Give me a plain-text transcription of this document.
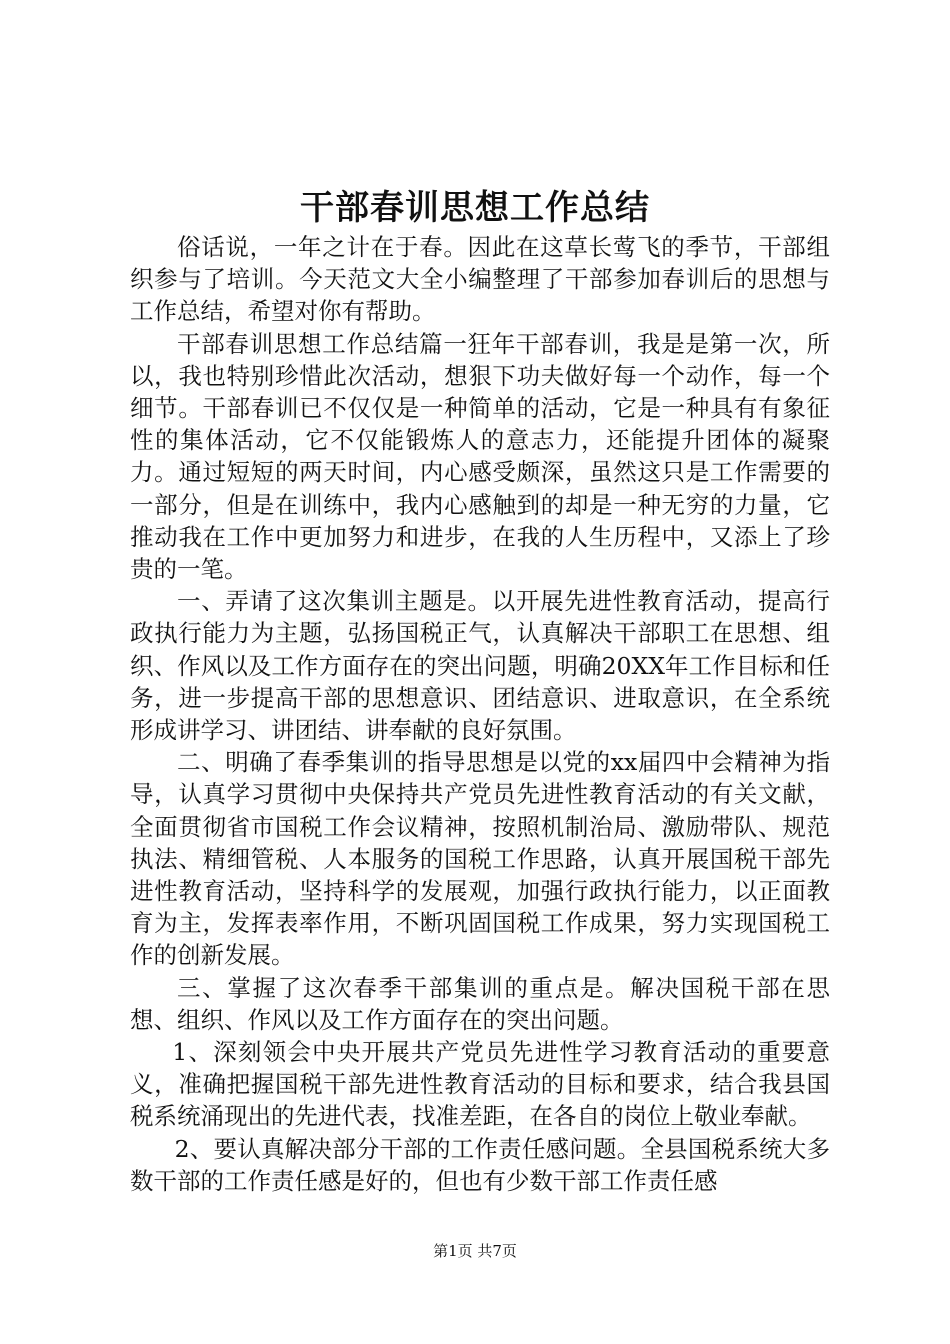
干部春训思想工作总结

俗话说，一年之计在于春。因此在这草长莺飞的季节，干部组织参与了培训。今天范文大全小编整理了干部参加春训后的思想与工作总结，希望对你有帮助。

干部春训思想工作总结篇一狂年干部春训，我是是第一次，所以，我也特别珍惜此次活动，想狠下功夫做好每一个动作，每一个细节。干部春训已不仅仅是一种简单的活动，它是一种具有有象征性的集体活动，它不仅能锻炼人的意志力，还能提升团体的凝聚力。通过短短的两天时间，内心感受颇深，虽然这只是工作需要的一部分，但是在训练中，我内心感触到的却是一种无穷的力量，它推动我在工作中更加努力和进步，在我的人生历程中，又添上了珍贵的一笔。

一、弄请了这次集训主题是。以开展先进性教育活动，提高行政执行能力为主题，弘扬国税正气，认真解决干部职工在思想、组织、作风以及工作方面存在的突出问题，明确20XX年工作目标和任务，进一步提高干部的思想意识、团结意识、进取意识，在全系统形成讲学习、讲团结、讲奉献的良好氛围。

二、明确了春季集训的指导思想是以党的xx届四中会精神为指导，认真学习贯彻中央保持共产党员先进性教育活动的有关文献，全面贯彻省市国税工作会议精神，按照机制治局、激励带队、规范执法、精细管税、人本服务的国税工作思路，认真开展国税干部先进性教育活动，坚持科学的发展观，加强行政执行能力，以正面教育为主，发挥表率作用，不断巩固国税工作成果，努力实现国税工作的创新发展。

三、掌握了这次春季干部集训的重点是。解决国税干部在思想、组织、作风以及工作方面存在的突出问题。

1、深刻领会中央开展共产党员先进性学习教育活动的重要意义，准确把握国税干部先进性教育活动的目标和要求，结合我县国税系统涌现出的先进代表，找准差距，在各自的岗位上敬业奉献。

2、要认真解决部分干部的工作责任感问题。全县国税系统大多数干部的工作责任感是好的，但也有少数干部工作责任感

第1页 共7页
